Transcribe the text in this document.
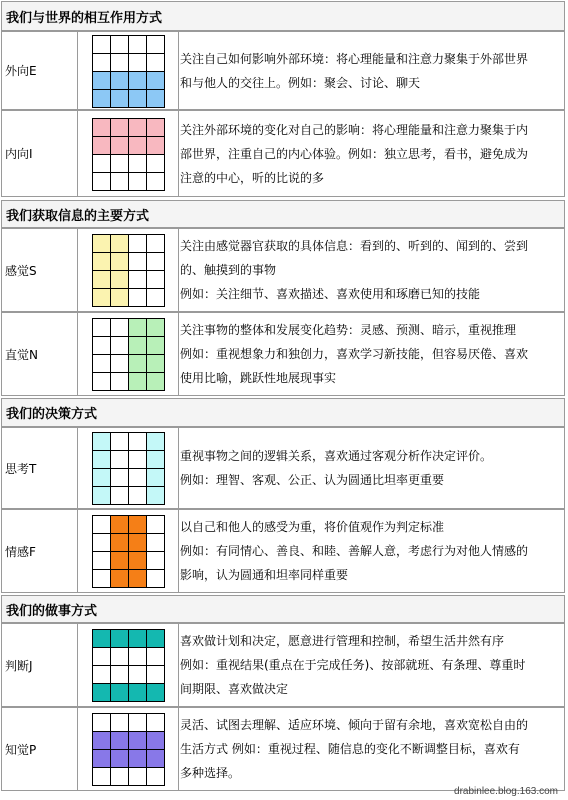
我们与世界的相互作用方式
外向E
关注自己如何影响外部环境：将心理能量和注意力聚集于外部世界
和与他人的交往上。例如：聚会、讨论、聊天
内向I
关注外部环境的变化对自己的影响：将心理能量和注意力聚集于内
部世界，注重自己的内心体验。例如：独立思考，看书，避免成为
注意的中心，听的比说的多
我们获取信息的主要方式
感觉S
关注由感觉器官获取的具体信息：看到的、听到的、闻到的、尝到
的、触摸到的事物
例如：关注细节、喜欢描述、喜欢使用和琢磨已知的技能
直觉N
关注事物的整体和发展变化趋势：灵感、预测、暗示，重视推理
例如：重视想象力和独创力，喜欢学习新技能，但容易厌倦、喜欢
使用比喻，跳跃性地展现事实
我们的决策方式
思考T
重视事物之间的逻辑关系，喜欢通过客观分析作决定评价。
例如：理智、客观、公正、认为圆通比坦率更重要
情感F
以自己和他人的感受为重，将价值观作为判定标准
例如：有同情心、善良、和睦、善解人意，考虑行为对他人情感的
影响，认为圆通和坦率同样重要
我们的做事方式
判断J
喜欢做计划和决定，愿意进行管理和控制，希望生活井然有序
例如：重视结果(重点在于完成任务)、按部就班、有条理、尊重时
间期限、喜欢做决定
知觉P
灵活、试图去理解、适应环境、倾向于留有余地，喜欢宽松自由的
生活方式 例如：重视过程、随信息的变化不断调整目标，喜欢有
多种选择。
drabinlee.blog.163.com
